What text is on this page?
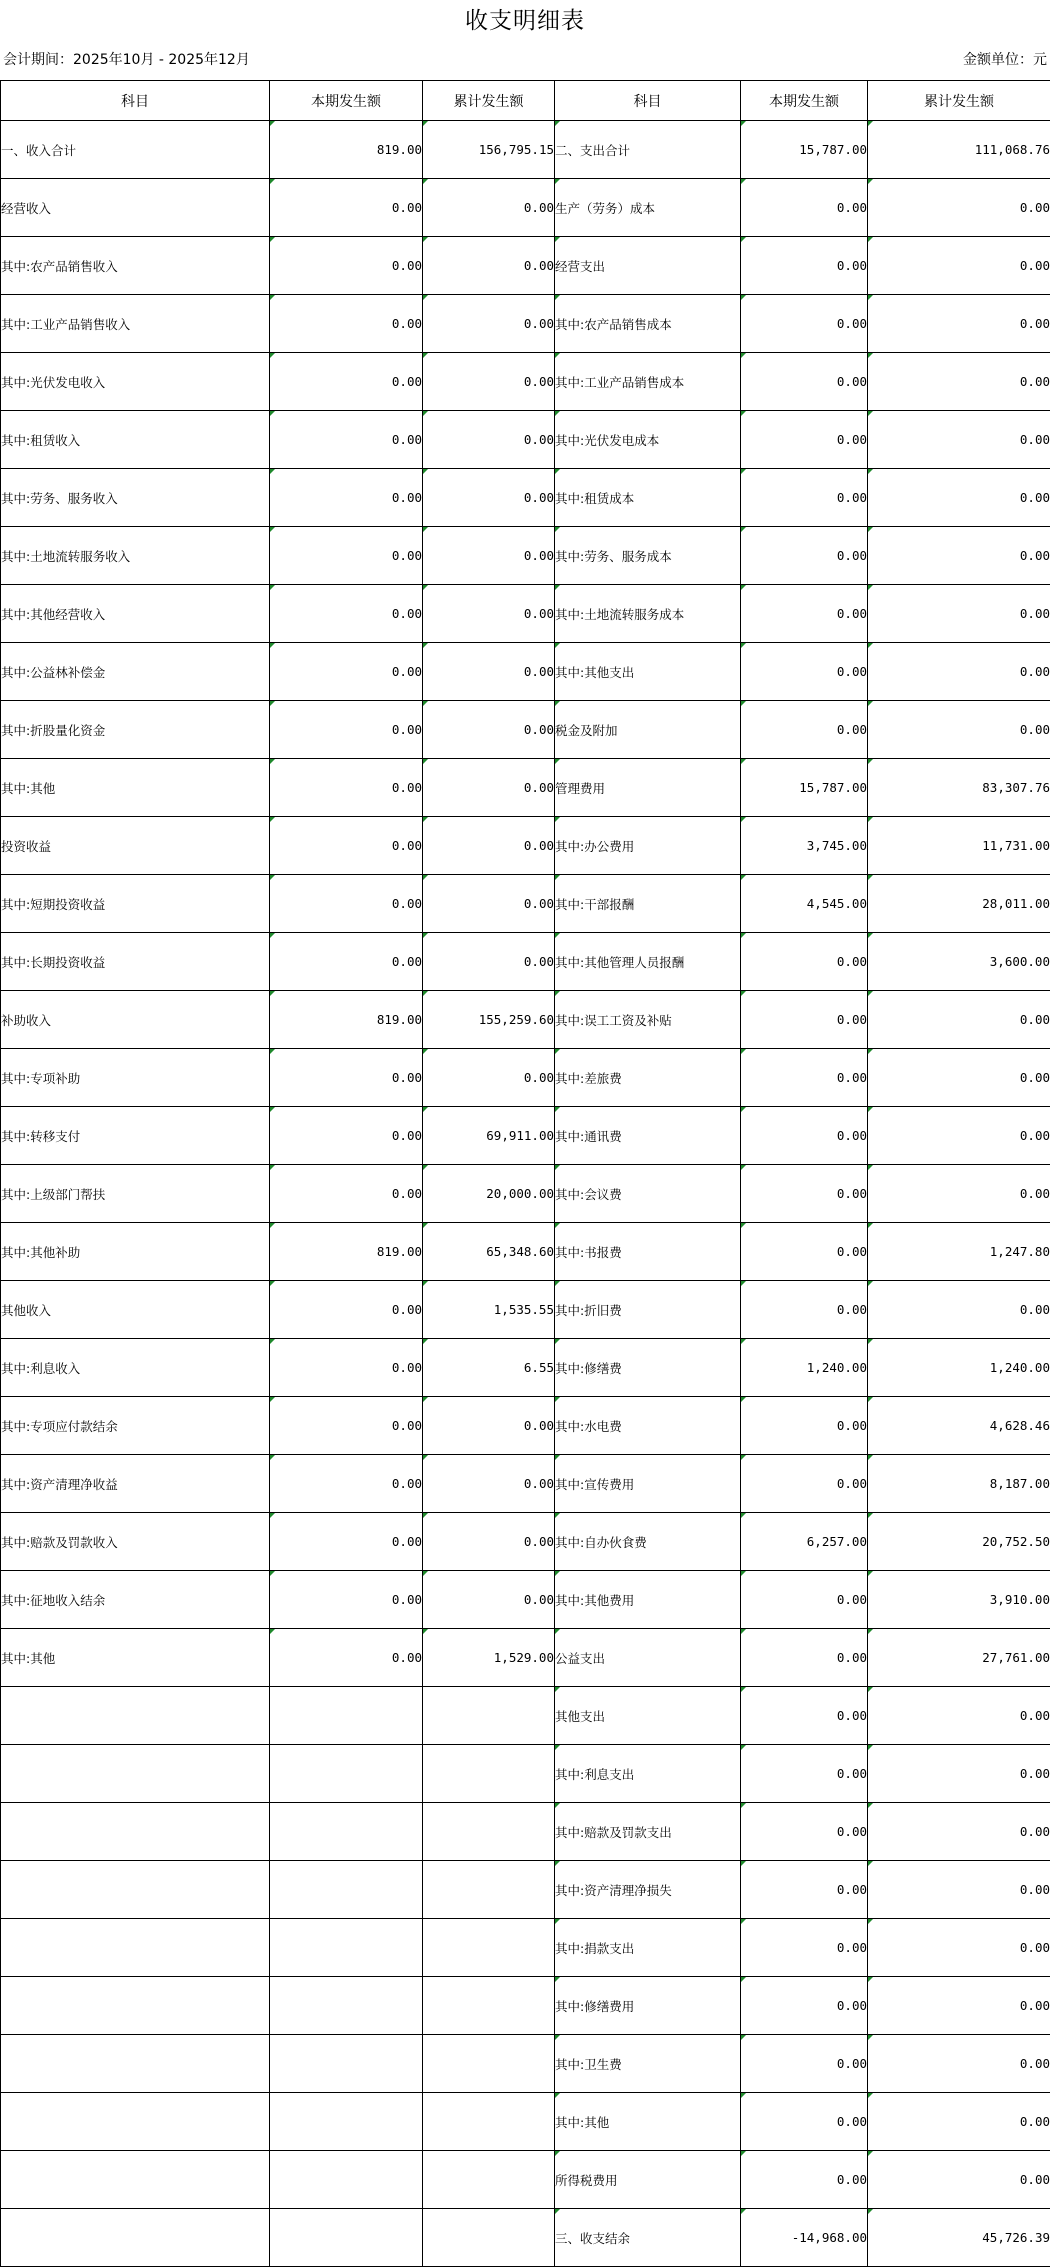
收支明细表
会计期间：2025年10月 - 2025年12月	金额单位：元
科目	本期发生额	累计发生额	科目	本期发生额	累计发生额
一、收入合计	819.00	156,795.15	二、支出合计	15,787.00	111,068.76
经营收入	0.00	0.00	生产（劳务）成本	0.00	0.00
其中:农产品销售收入	0.00	0.00	经营支出	0.00	0.00
其中:工业产品销售收入	0.00	0.00	其中:农产品销售成本	0.00	0.00
其中:光伏发电收入	0.00	0.00	其中:工业产品销售成本	0.00	0.00
其中:租赁收入	0.00	0.00	其中:光伏发电成本	0.00	0.00
其中:劳务、服务收入	0.00	0.00	其中:租赁成本	0.00	0.00
其中:土地流转服务收入	0.00	0.00	其中:劳务、服务成本	0.00	0.00
其中:其他经营收入	0.00	0.00	其中:土地流转服务成本	0.00	0.00
其中:公益林补偿金	0.00	0.00	其中:其他支出	0.00	0.00
其中:折股量化资金	0.00	0.00	税金及附加	0.00	0.00
其中:其他	0.00	0.00	管理费用	15,787.00	83,307.76
投资收益	0.00	0.00	其中:办公费用	3,745.00	11,731.00
其中:短期投资收益	0.00	0.00	其中:干部报酬	4,545.00	28,011.00
其中:长期投资收益	0.00	0.00	其中:其他管理人员报酬	0.00	3,600.00
补助收入	819.00	155,259.60	其中:误工工资及补贴	0.00	0.00
其中:专项补助	0.00	0.00	其中:差旅费	0.00	0.00
其中:转移支付	0.00	69,911.00	其中:通讯费	0.00	0.00
其中:上级部门帮扶	0.00	20,000.00	其中:会议费	0.00	0.00
其中:其他补助	819.00	65,348.60	其中:书报费	0.00	1,247.80
其他收入	0.00	1,535.55	其中:折旧费	0.00	0.00
其中:利息收入	0.00	6.55	其中:修缮费	1,240.00	1,240.00
其中:专项应付款结余	0.00	0.00	其中:水电费	0.00	4,628.46
其中:资产清理净收益	0.00	0.00	其中:宣传费用	0.00	8,187.00
其中:赔款及罚款收入	0.00	0.00	其中:自办伙食费	6,257.00	20,752.50
其中:征地收入结余	0.00	0.00	其中:其他费用	0.00	3,910.00
其中:其他	0.00	1,529.00	公益支出	0.00	27,761.00
			其他支出	0.00	0.00
			其中:利息支出	0.00	0.00
			其中:赔款及罚款支出	0.00	0.00
			其中:资产清理净损失	0.00	0.00
			其中:捐款支出	0.00	0.00
			其中:修缮费用	0.00	0.00
			其中:卫生费	0.00	0.00
			其中:其他	0.00	0.00
			所得税费用	0.00	0.00
			三、收支结余	-14,968.00	45,726.39
